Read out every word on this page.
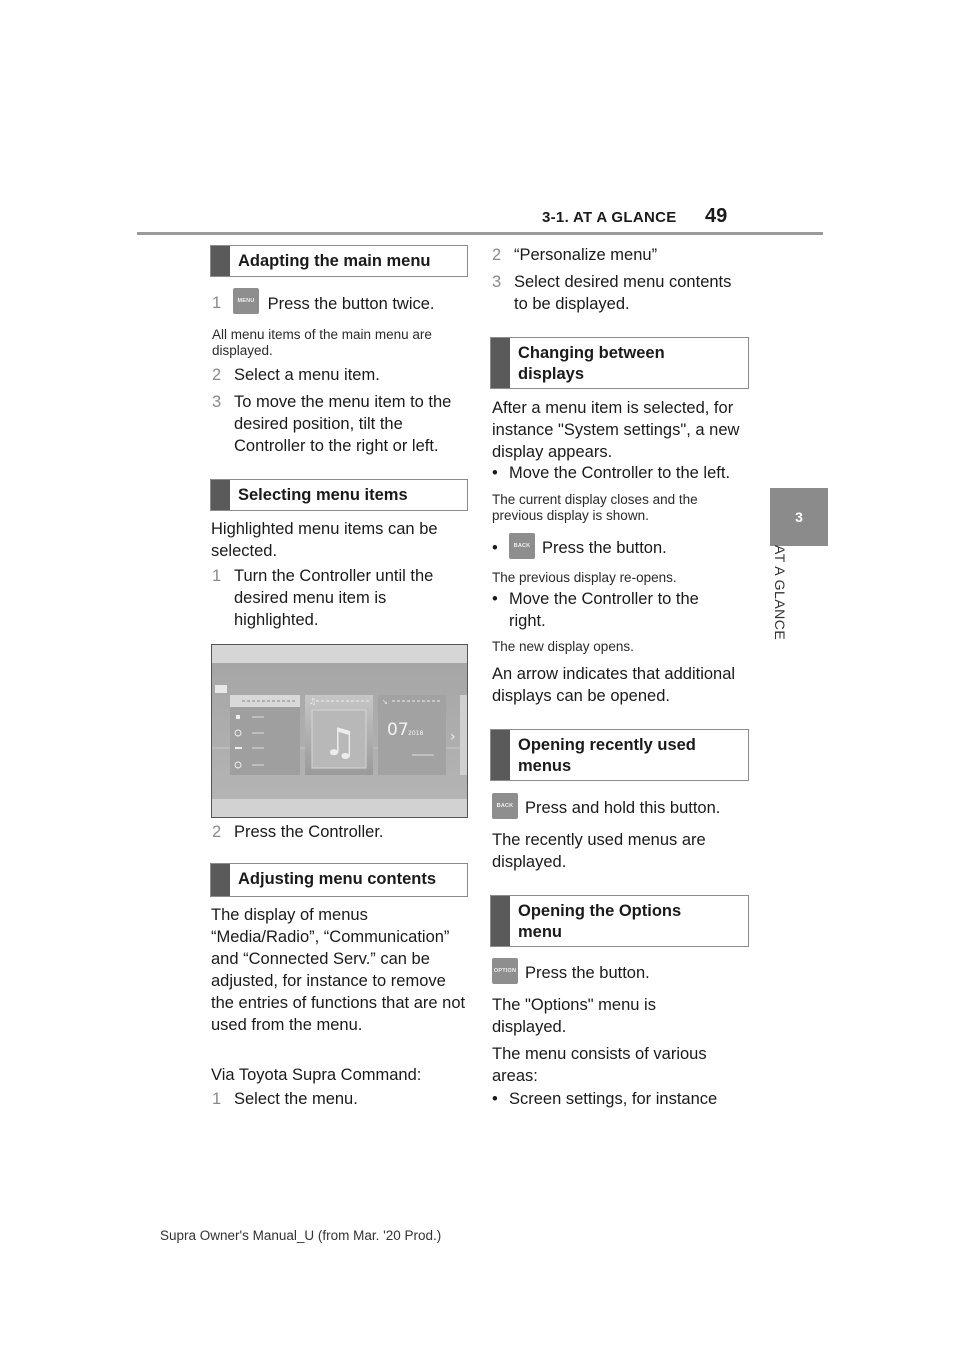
3-1. AT A GLANCE 49
3
AT A GLANCE
Adapting the main menu
1	MENU Press the button twice.
All menu items of the main menu are displayed.
2 Select a menu item.
3 To move the menu item to the desired position, tilt the Controller to the right or left.
Selecting menu items
Highlighted menu items can be selected.
1 Turn the Controller until the desired menu item is highlighted.
♫
♫
↘
07 2018 ›
2 Press the Controller.
Adjusting menu contents
The display of menus “Media/Radio”, “Communication” and “Connected Serv.” can be adjusted, for instance to remove the entries of functions that are not used from the menu.
Via Toyota Supra Command:
1 Select the menu.
2 “Personalize menu”
3 Select desired menu contents to be displayed.
Changing between displays
After a menu item is selected, for instance "System settings", a new display appears.
• Move the Controller to the left.
The current display closes and the previous display is shown.
•	BACK Press the button.
The previous display re-opens.
• Move the Controller to the right.
The new display opens.
An arrow indicates that additional displays can be opened.
Opening recently used menus
BACK Press and hold this button.
The recently used menus are displayed.
Opening the Options menu
OPTION Press the button.
The "Options" menu is displayed.
The menu consists of various areas:
• Screen settings, for instance
Supra Owner's Manual_U (from Mar. '20 Prod.)
